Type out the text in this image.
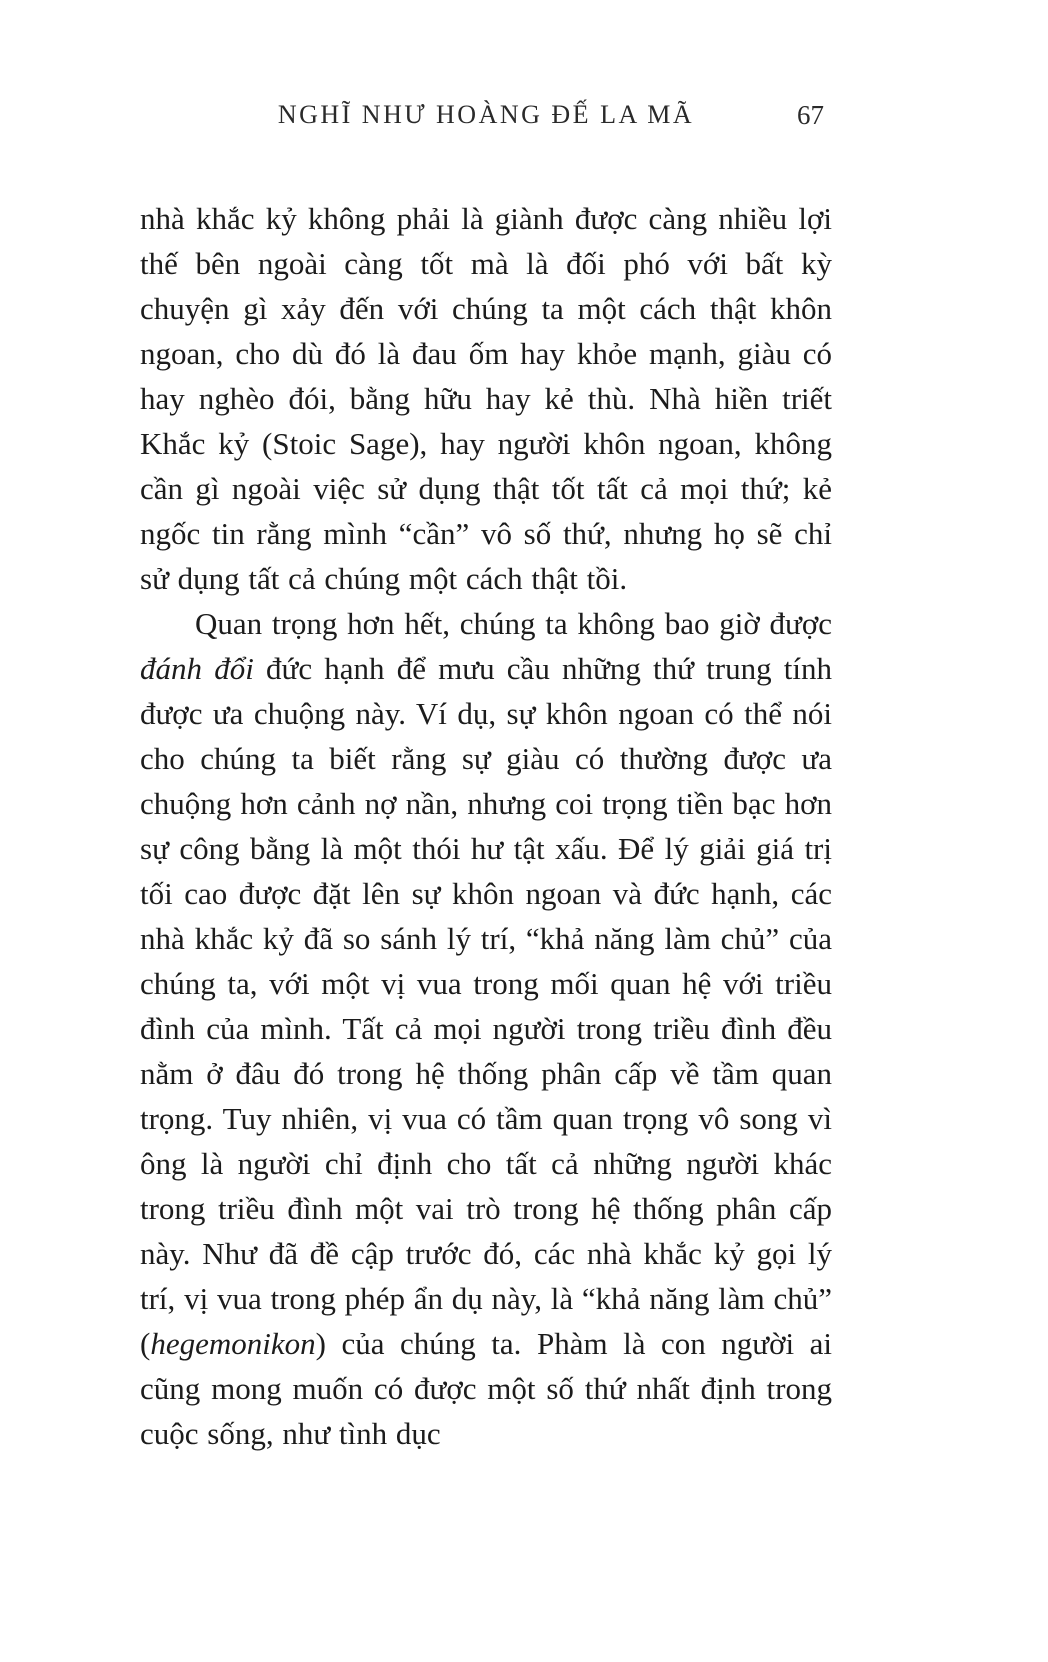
NGHĨ NHƯ HOÀNG ĐẾ LA MÃ	67

nhà khắc kỷ không phải là giành được càng nhiều lợi thế bên ngoài càng tốt mà là đối phó với bất kỳ chuyện gì xảy đến với chúng ta một cách thật khôn ngoan, cho dù đó là đau ốm hay khỏe mạnh, giàu có hay nghèo đói, bằng hữu hay kẻ thù. Nhà hiền triết Khắc kỷ (Stoic Sage), hay người khôn ngoan, không cần gì ngoài việc sử dụng thật tốt tất cả mọi thứ; kẻ ngốc tin rằng mình “cần” vô số thứ, nhưng họ sẽ chỉ sử dụng tất cả chúng một cách thật tồi.

Quan trọng hơn hết, chúng ta không bao giờ được đánh đổi đức hạnh để mưu cầu những thứ trung tính được ưa chuộng này. Ví dụ, sự khôn ngoan có thể nói cho chúng ta biết rằng sự giàu có thường được ưa chuộng hơn cảnh nợ nần, nhưng coi trọng tiền bạc hơn sự công bằng là một thói hư tật xấu. Để lý giải giá trị tối cao được đặt lên sự khôn ngoan và đức hạnh, các nhà khắc kỷ đã so sánh lý trí, “khả năng làm chủ” của chúng ta, với một vị vua trong mối quan hệ với triều đình của mình. Tất cả mọi người trong triều đình đều nằm ở đâu đó trong hệ thống phân cấp về tầm quan trọng. Tuy nhiên, vị vua có tầm quan trọng vô song vì ông là người chỉ định cho tất cả những người khác trong triều đình một vai trò trong hệ thống phân cấp này. Như đã đề cập trước đó, các nhà khắc kỷ gọi lý trí, vị vua trong phép ẩn dụ này, là “khả năng làm chủ” (hegemonikon) của chúng ta. Phàm là con người ai cũng mong muốn có được một số thứ nhất định trong cuộc sống, như tình dục
